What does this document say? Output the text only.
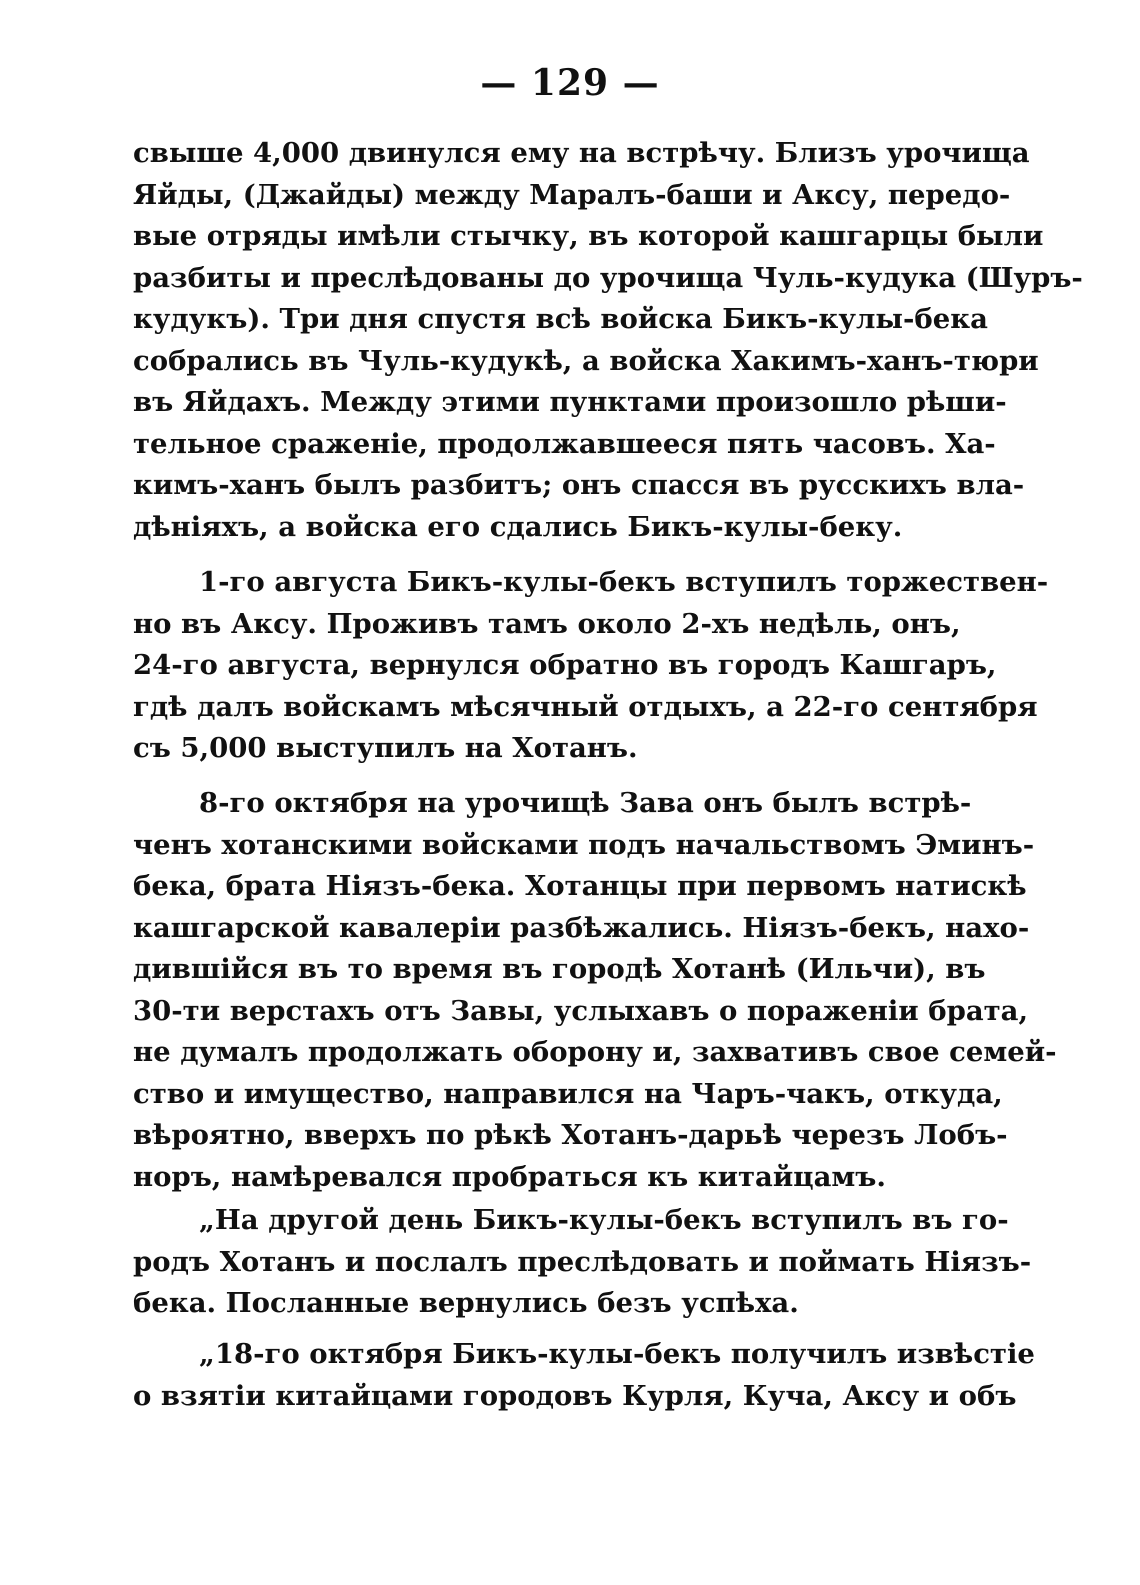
— 129 —
свыше 4,000 двинулся ему на встрѣчу. Близъ урочища
Яйды, (Джайды) между Маралъ-баши и Аксу, передо-
вые отряды имѣли стычку, въ которой кашгарцы были
разбиты и преслѣдованы до урочища Чуль-кудука (Шуръ-
кудукъ). Три дня спустя всѣ войска Бикъ-кулы-бека
собрались въ Чуль-кудукѣ, а войска Хакимъ-ханъ-тюри
въ Яйдахъ. Между этими пунктами произошло рѣши-
тельное сраженіе, продолжавшееся пять часовъ. Ха-
кимъ-ханъ былъ разбитъ; онъ спасся въ русскихъ вла-
дѣніяхъ, а войска его сдались Бикъ-кулы-беку.
1-го августа Бикъ-кулы-бекъ вступилъ торжествен-
но въ Аксу. Проживъ тамъ около 2-хъ недѣль, онъ,
24-го августа, вернулся обратно въ городъ Кашгаръ,
гдѣ далъ войскамъ мѣсячный отдыхъ, а 22-го сентября
съ 5,000 выступилъ на Хотанъ.
8-го октября на урочищѣ Зава онъ былъ встрѣ-
ченъ хотанскими войсками подъ начальствомъ Эминъ-
бека, брата Ніязъ-бека. Хотанцы при первомъ натискѣ
кашгарской кавалеріи разбѣжались. Ніязъ-бекъ, нахо-
дившійся въ то время въ городѣ Хотанѣ (Ильчи), въ
30-ти верстахъ отъ Завы, услыхавъ о пораженіи брата,
не думалъ продолжать оборону и, захвативъ свое семей-
ство и имущество, направился на Чаръ-чакъ, откуда,
вѣроятно, вверхъ по рѣкѣ Хотанъ-дарьѣ черезъ Лобъ-
норъ, намѣревался пробраться къ китайцамъ.
„На другой день Бикъ-кулы-бекъ вступилъ въ го-
родъ Хотанъ и послалъ преслѣдовать и поймать Ніязъ-
бека. Посланные вернулись безъ успѣха.
„18-го октября Бикъ-кулы-бекъ получилъ извѣстіе
о взятіи китайцами городовъ Курля, Куча, Аксу и объ
